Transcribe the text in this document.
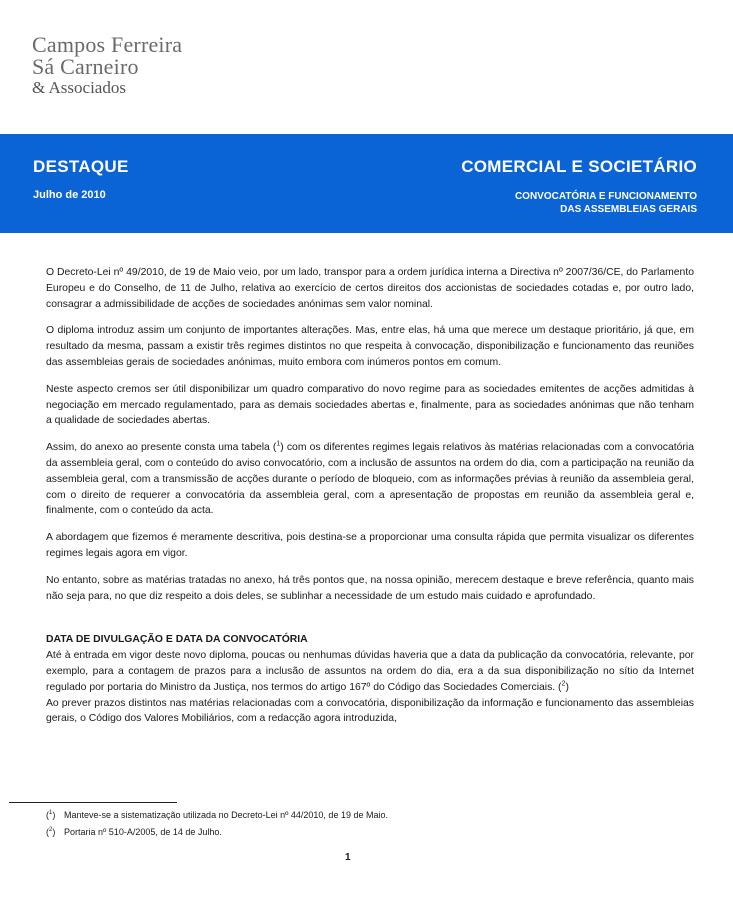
Campos Ferreira
Sá Carneiro
& Associados
DESTAQUE
Julho de 2010
COMERCIAL E SOCIETÁRIO
CONVOCATÓRIA E FUNCIONAMENTO
DAS ASSEMBLEIAS GERAIS

O Decreto-Lei nº 49/2010, de 19 de Maio veio, por um lado, transpor para a ordem jurídica interna a Directiva nº 2007/36/CE, do Parlamento Europeu e do Conselho, de 11 de Julho, relativa ao exercício de certos direitos dos accionistas de sociedades cotadas e, por outro lado, consagrar a admissibilidade de acções de sociedades anónimas sem valor nominal.

O diploma introduz assim um conjunto de importantes alterações. Mas, entre elas, há uma que merece um destaque prioritário, já que, em resultado da mesma, passam a existir três regimes distintos no que respeita à convocação, disponibilização e funcionamento das reuniões das assembleias gerais de sociedades anónimas, muito embora com inúmeros pontos em comum.

Neste aspecto cremos ser útil disponibilizar um quadro comparativo do novo regime para as sociedades emitentes de acções admitidas à negociação em mercado regulamentado, para as demais sociedades abertas e, finalmente, para as sociedades anónimas que não tenham a qualidade de sociedades abertas.

Assim, do anexo ao presente consta uma tabela ($^1$) com os diferentes regimes legais relativos às matérias relacionadas com a convocatória da assembleia geral, com o conteúdo do aviso convocatório, com a inclusão de assuntos na ordem do dia, com a participação na reunião da assembleia geral, com a transmissão de acções durante o período de bloqueio, com as informações prévias à reunião da assembleia geral, com o direito de requerer a convocatória da assembleia geral, com a apresentação de propostas em reunião da assembleia geral e, finalmente, com o conteúdo da acta.

A abordagem que fizemos é meramente descritiva, pois destina-se a proporcionar uma consulta rápida que permita visualizar os diferentes regimes legais agora em vigor.

No entanto, sobre as matérias tratadas no anexo, há três pontos que, na nossa opinião, merecem destaque e breve referência, quanto mais não seja para, no que diz respeito a dois deles, se sublinhar a necessidade de um estudo mais cuidado e aprofundado.

DATA DE DIVULGAÇÃO E DATA DA CONVOCATÓRIA

Até à entrada em vigor deste novo diploma, poucas ou nenhumas dúvidas haveria que a data da publicação da convocatória, relevante, por exemplo, para a contagem de prazos para a inclusão de assuntos na ordem do dia, era a da sua disponibilização no sítio da Internet regulado por portaria do Ministro da Justiça, nos termos do artigo 167º do Código das Sociedades Comerciais. ($^2$)

Ao prever prazos distintos nas matérias relacionadas com a convocatória, disponibilização da informação e funcionamento das assembleias gerais, o Código dos Valores Mobiliários, com a redacção agora introduzida,

($^1$) Manteve-se a sistematização utilizada no Decreto-Lei nº 44/2010, de 19 de Maio.
($^2$) Portaria nº 510-A/2005, de 14 de Julho.
1
